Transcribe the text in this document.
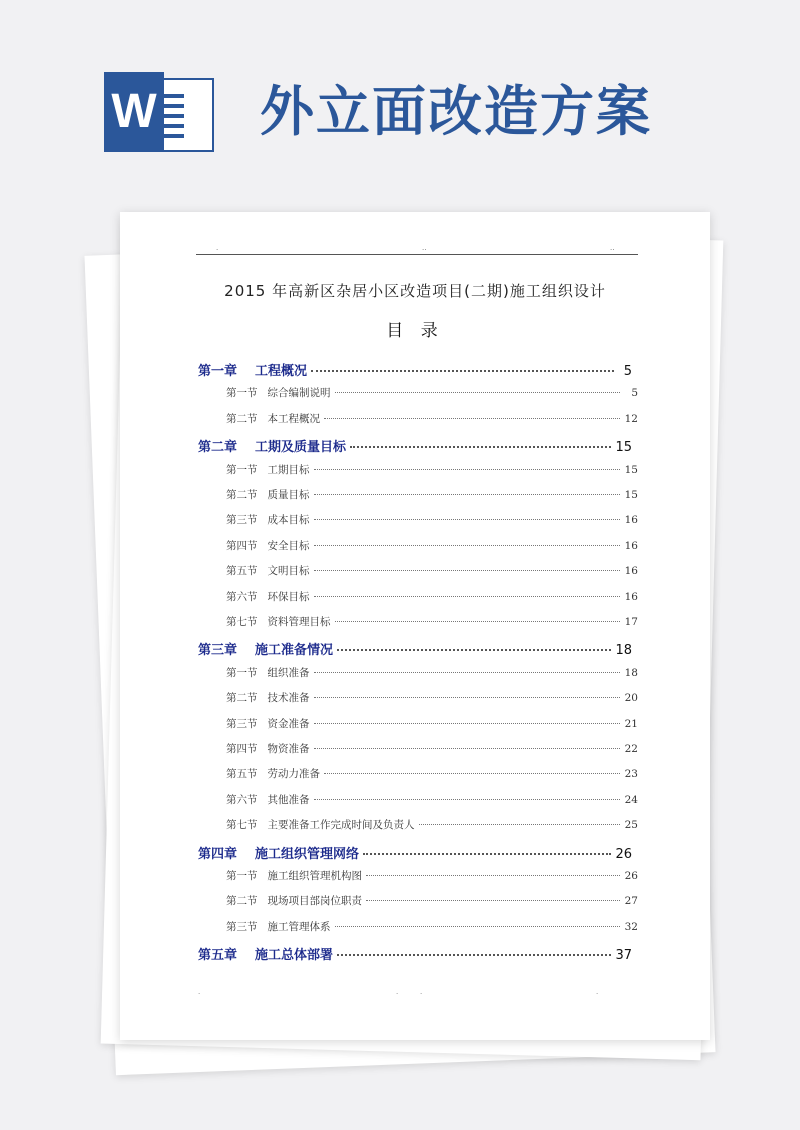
W 外立面改造方案
.	..	..
2015 年高新区杂居小区改造项目(二期)施工组织设计
目 录
第一章 工程概况	5
第一节 综合编制说明	5
第二节 本工程概况	12
第二章 工期及质量目标	15
第一节 工期目标	15
第二节 质量目标	15
第三节 成本目标	16
第四节 安全目标	16
第五节 文明目标	16
第六节 环保目标	16
第七节 资料管理目标	17
第三章 施工准备情况	18
第一节 组织准备	18
第二节 技术准备	20
第三节 资金准备	21
第四节 物资准备	22
第五节 劳动力准备	23
第六节 其他准备	24
第七节 主要准备工作完成时间及负责人	25
第四章 施工组织管理网络	26
第一节 施工组织管理机构图	26
第二节 现场项目部岗位职责	27
第三节 施工管理体系	32
第五章 施工总体部署	37
.	.	.	.
